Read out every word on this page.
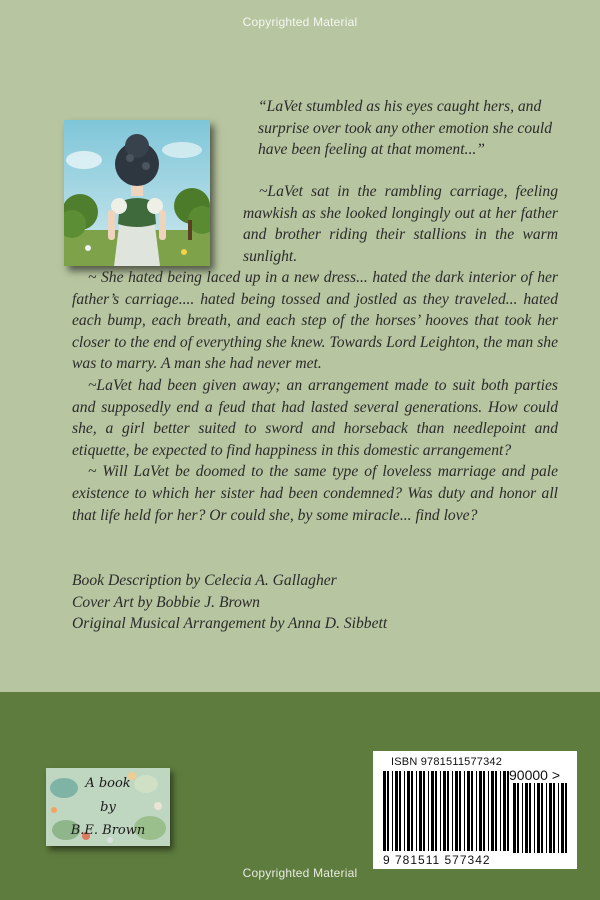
Copyrighted Material
“LaVet stumbled as his eyes caught hers, and surprise over took any other emotion she could have been feeling at that moment...”
~LaVet sat in the rambling carriage, feeling mawkish as she looked longingly out at her father and brother riding their stallions in the warm sunlight.
~ She hated being laced up in a new dress... hated the dark interior of her father’s carriage.... hated being tossed and jostled as they traveled... hated each bump, each breath, and each step of the horses’ hooves that took her closer to the end of everything she knew. Towards Lord Leighton, the man she was to marry. A man she had never met.
~LaVet had been given away; an arrangement made to suit both parties and supposedly end a feud that had lasted several generations. How could she, a girl better suited to sword and horseback than needlepoint and etiquette, be expected to find happiness in this domestic arrangement?
~ Will LaVet be doomed to the same type of loveless marriage and pale existence to which her sister had been condemned? Was duty and honor all that life held for her? Or could she, by some miracle... find love?
Book Description by Celecia A. Gallagher
Cover Art by Bobbie J. Brown
Original Musical Arrangement by Anna D. Sibbett
A book
by
B.E. Brown
ISBN 9781511577342
90000 >
9 781511 577342
Copyrighted Material
